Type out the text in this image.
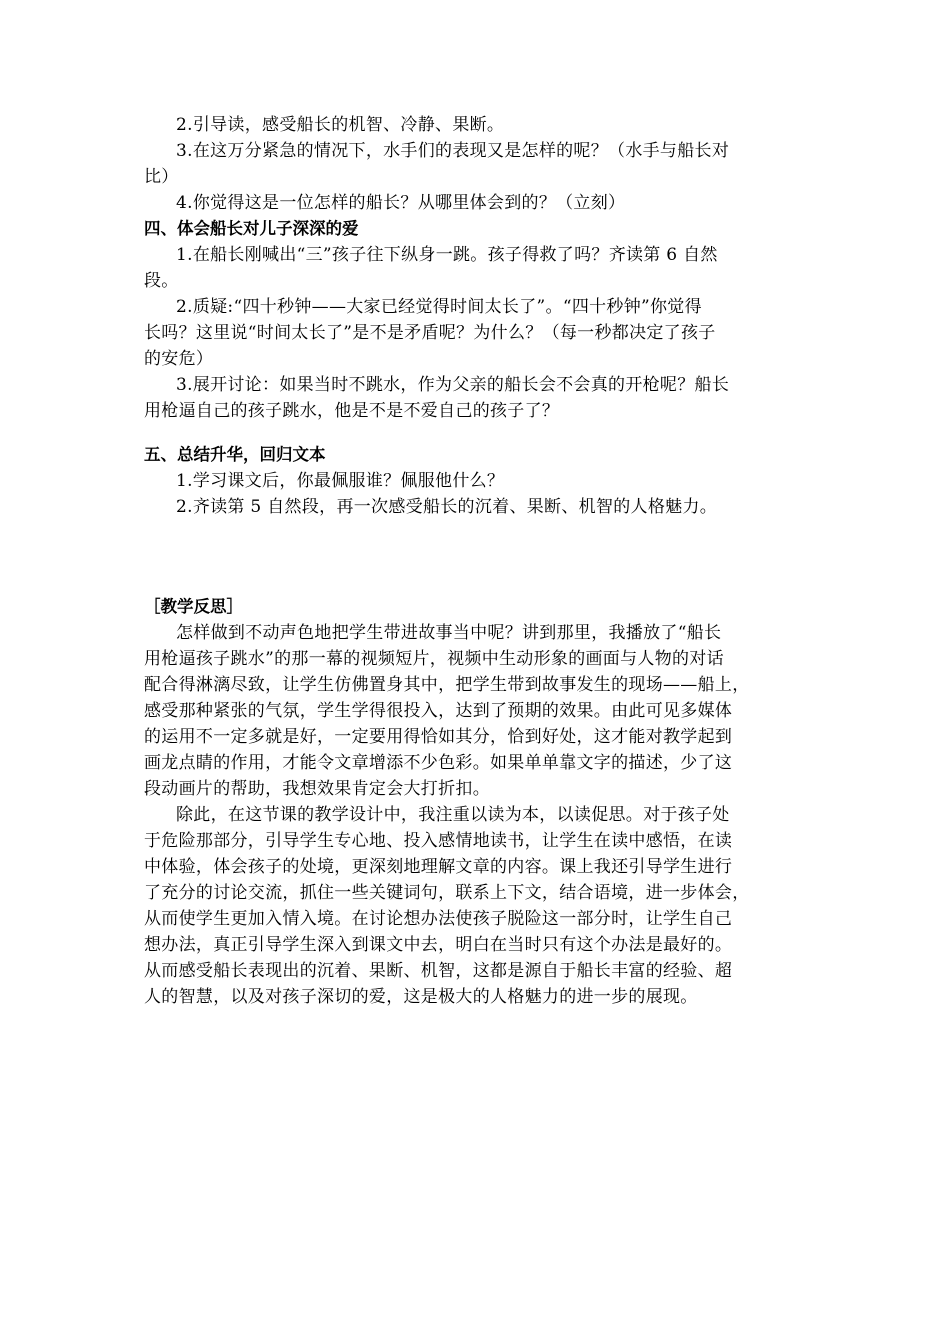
2.引导读，感受船长的机智、冷静、果断。
3.在这万分紧急的情况下，水手们的表现又是怎样的呢？（水手与船长对
比）
4.你觉得这是一位怎样的船长？从哪里体会到的？（立刻）
四、体会船长对儿子深深的爱
1.在船长刚喊出“三”孩子往下纵身一跳。孩子得救了吗？齐读第 6 自然
段。
2.质疑:“四十秒钟——大家已经觉得时间太长了”。“四十秒钟”你觉得
长吗？这里说“时间太长了”是不是矛盾呢？为什么？（每一秒都决定了孩子
的安危）
3.展开讨论：如果当时不跳水，作为父亲的船长会不会真的开枪呢？船长
用枪逼自己的孩子跳水，他是不是不爱自己的孩子了？
五、总结升华，回归文本
1.学习课文后，你最佩服谁？佩服他什么？
2.齐读第 5 自然段，再一次感受船长的沉着、果断、机智的人格魅力。
［教学反思］
怎样做到不动声色地把学生带进故事当中呢？讲到那里，我播放了“船长
用枪逼孩子跳水”的那一幕的视频短片，视频中生动形象的画面与人物的对话
配合得淋漓尽致，让学生仿佛置身其中，把学生带到故事发生的现场——船上，
感受那种紧张的气氛，学生学得很投入，达到了预期的效果。由此可见多媒体
的运用不一定多就是好，一定要用得恰如其分，恰到好处，这才能对教学起到
画龙点睛的作用，才能令文章增添不少色彩。如果单单靠文字的描述，少了这
段动画片的帮助，我想效果肯定会大打折扣。
除此，在这节课的教学设计中，我注重以读为本，以读促思。对于孩子处
于危险那部分，引导学生专心地、投入感情地读书，让学生在读中感悟，在读
中体验，体会孩子的处境，更深刻地理解文章的内容。课上我还引导学生进行
了充分的讨论交流，抓住一些关键词句，联系上下文，结合语境，进一步体会，
从而使学生更加入情入境。在讨论想办法使孩子脱险这一部分时，让学生自己
想办法，真正引导学生深入到课文中去，明白在当时只有这个办法是最好的。
从而感受船长表现出的沉着、果断、机智，这都是源自于船长丰富的经验、超
人的智慧，以及对孩子深切的爱，这是极大的人格魅力的进一步的展现。
